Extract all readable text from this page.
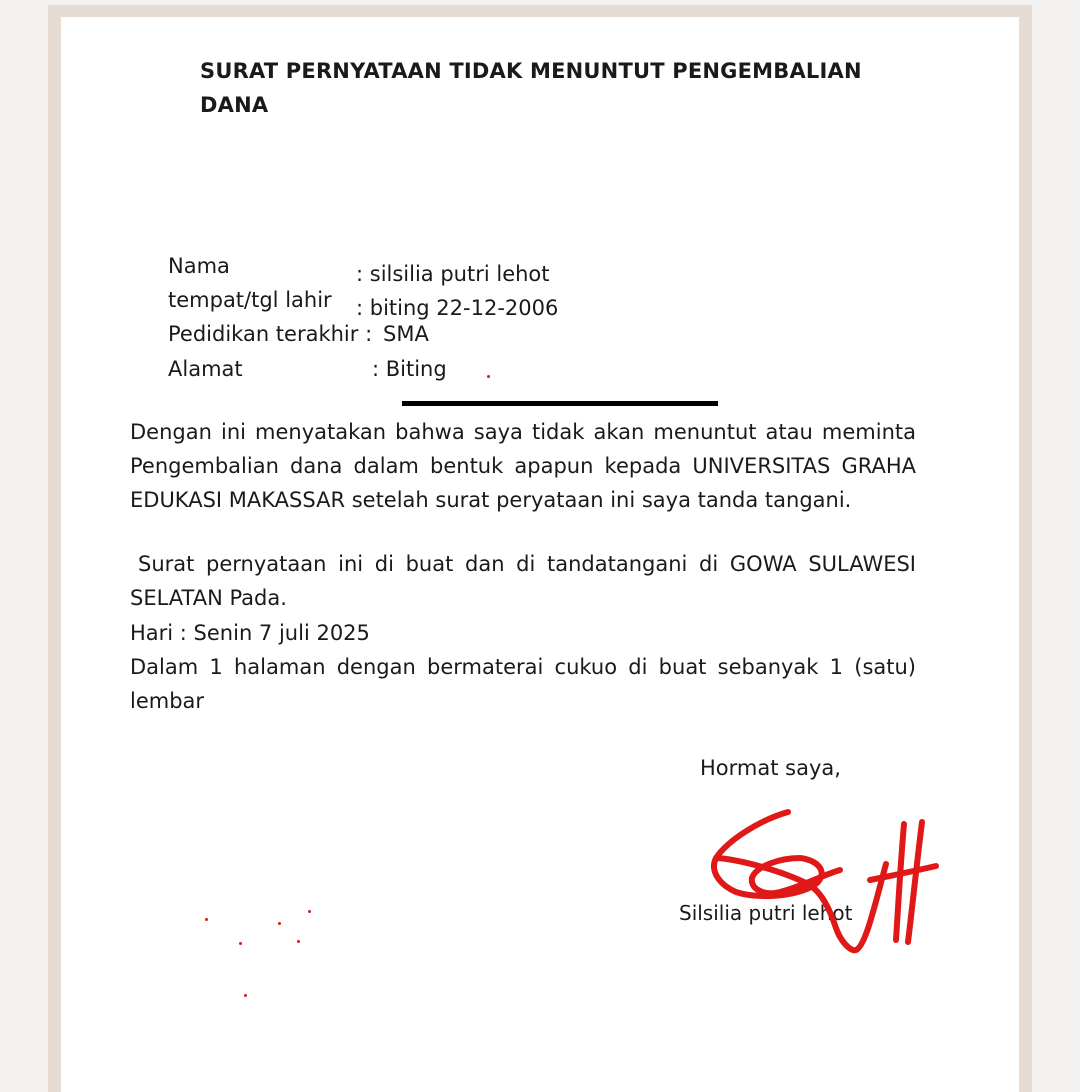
SURAT PERNYATAAN TIDAK MENUNTUT PENGEMBALIAN DANA
Nama	: silsilia putri lehot
tempat/tgl lahir : biting 22-12-2006
Pedidikan terakhir : SMA
Alamat	: Biting
Dengan ini menyatakan bahwa saya tidak akan menuntut atau meminta Pengembalian dana dalam bentuk apapun kepada UNIVERSITAS GRAHA EDUKASI MAKASSAR setelah surat peryataan ini saya tanda tangani.
Surat pernyataan ini di buat dan di tandatangani di GOWA SULAWESI SELATAN Pada.
Hari : Senin 7 juli 2025
Dalam 1 halaman dengan bermaterai cukuo di buat sebanyak 1 (satu) lembar
Hormat saya,
Silsilia putri lehot
